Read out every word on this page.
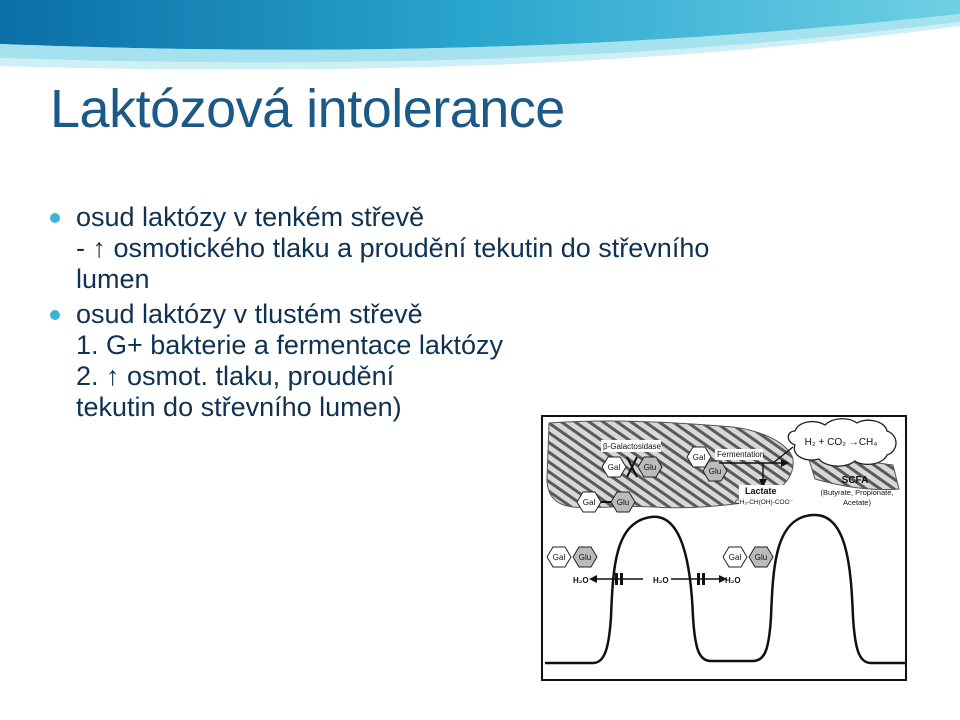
Laktózová intolerance
osud laktózy v tenkém střevě
- ↑ osmotického tlaku a proudění tekutin do střevního
lumen
osud laktózy v tlustém střevě
1. G+ bakterie a fermentace laktózy
2. ↑ osmot. tlaku, proudění
tekutin do střevního lumen)
H₂ + CO₂ →CH₄
β-Galactosidase
Gal	Glu
Gal
Glu
Gal	Glu
Fermentation
Lactate
CH₃-CH(OH)-COO⁻
SCFA
(Butyrate, Propionate,
Acetate)
Gal Glu	Gal Glu
H₂O	H₂O	H₂O
